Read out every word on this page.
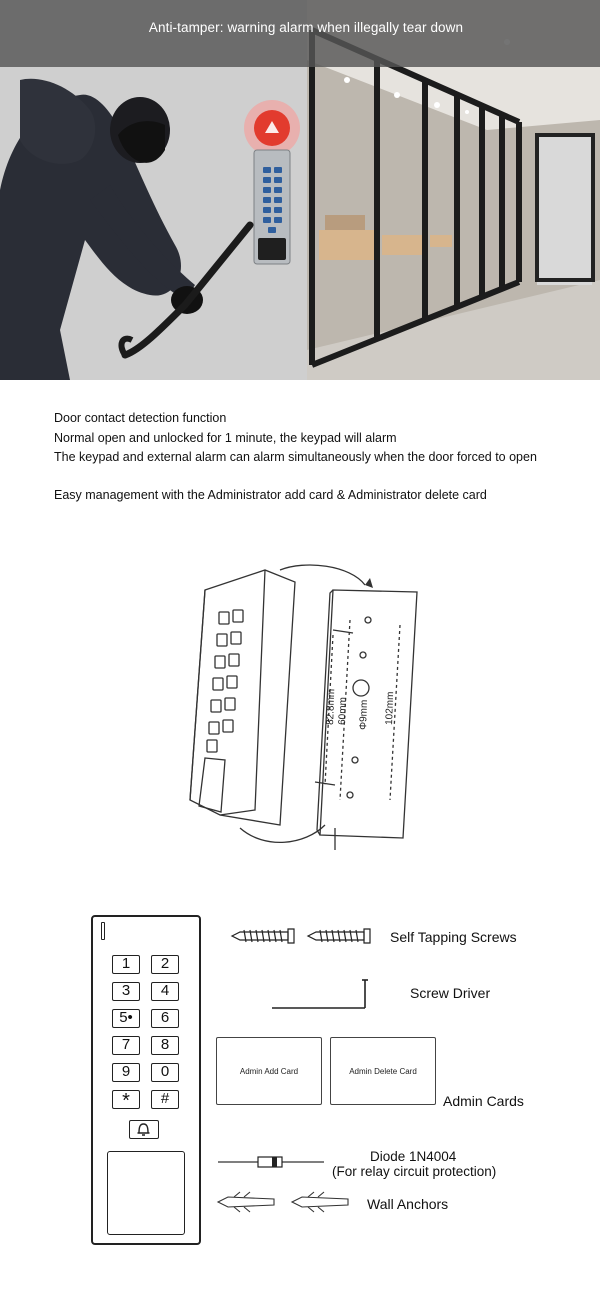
Anti-tamper: warning alarm when illegally tear down
Door contact detection function
Normal open and unlocked for 1 minute, the keypad will alarm
The keypad and external alarm can alarm simultaneously when the door forced to open
Easy management with the Administrator add card & Administrator delete card
82.8mm 60mm Φ9mm 102mm
1	2
3	4
5•	6
7	8
9	0
*	#
Self Tapping Screws
Screw Driver
Admin Add Card	Admin Delete Card
Admin Cards
Diode 1N4004
(For relay circuit protection)
Wall Anchors
